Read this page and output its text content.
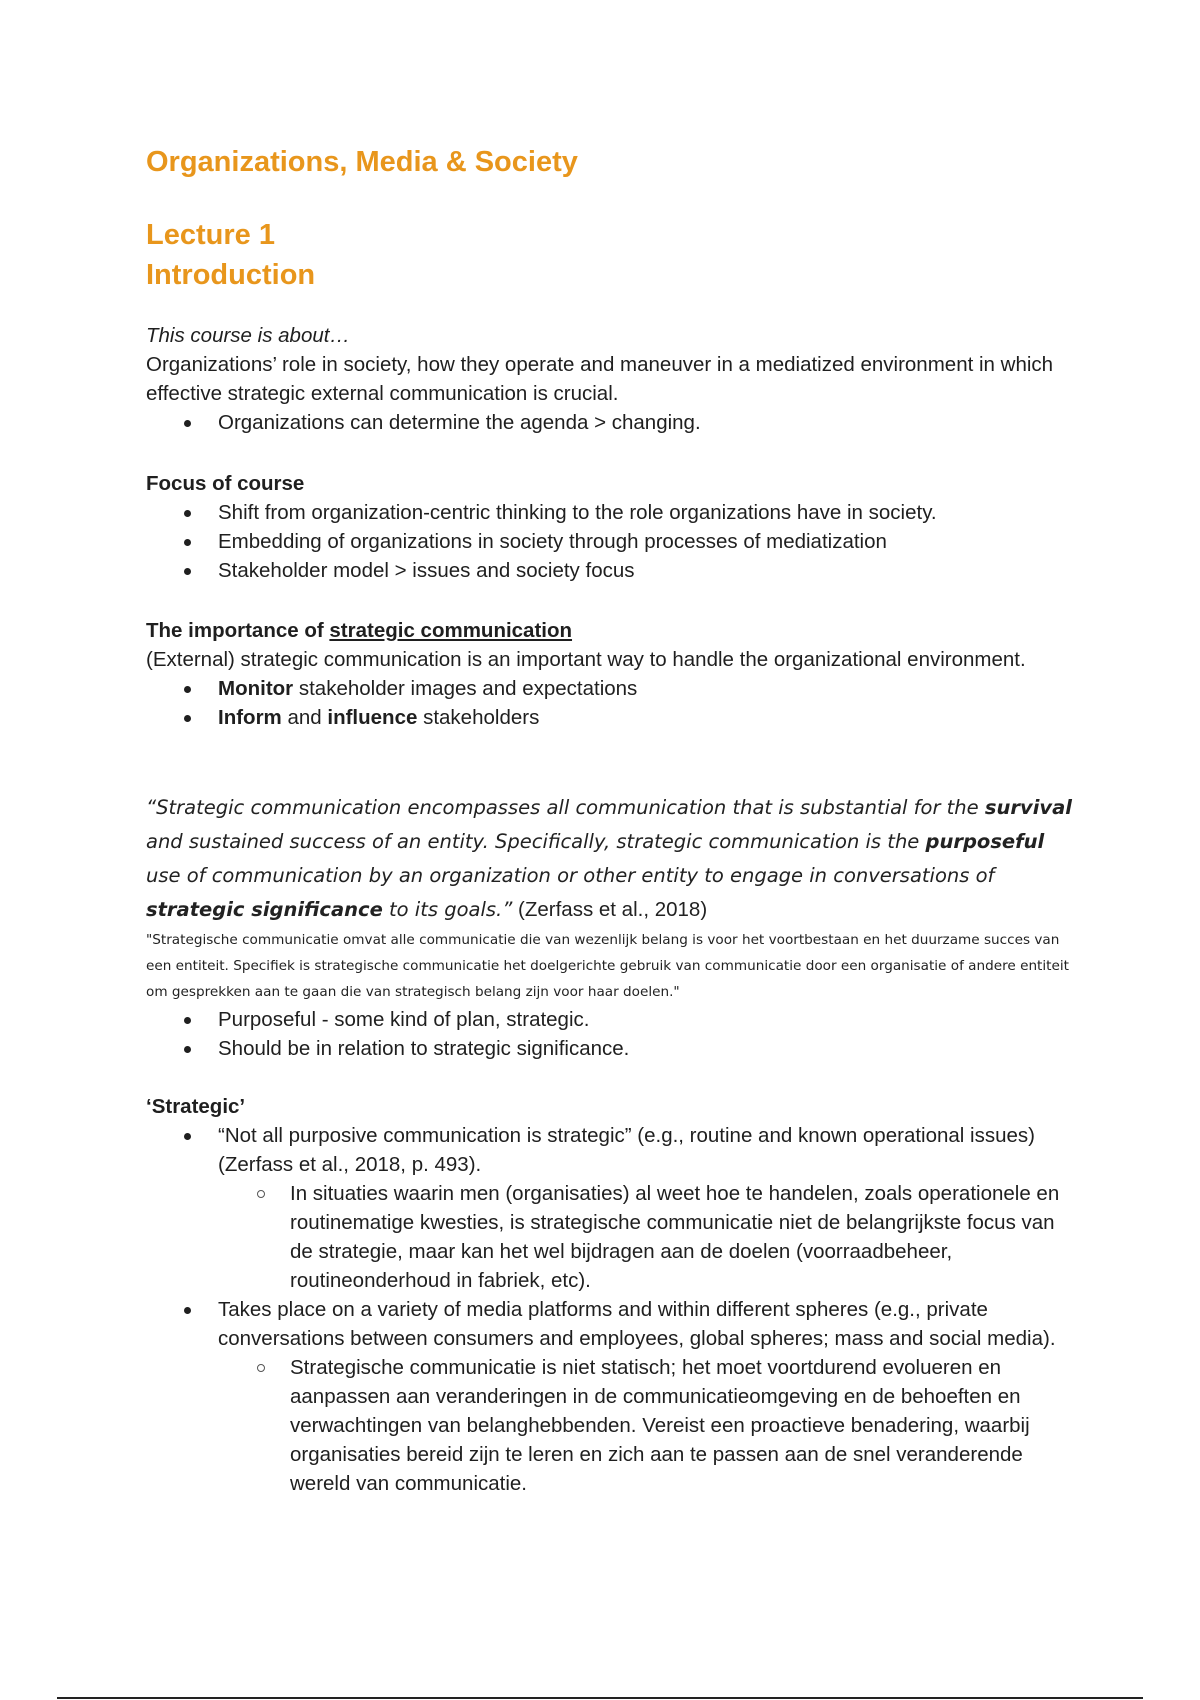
Organizations, Media & Society
Lecture 1
Introduction
This course is about…
Organizations’ role in society, how they operate and maneuver in a mediatized environment in which effective strategic external communication is crucial.
Organizations can determine the agenda > changing.
Focus of course
Shift from organization-centric thinking to the role organizations have in society.
Embedding of organizations in society through processes of mediatization
Stakeholder model > issues and society focus
The importance of strategic communication
(External) strategic communication is an important way to handle the organizational environment.
Monitor stakeholder images and expectations
Inform and influence stakeholders
“Strategic communication encompasses all communication that is substantial for the survival and sustained success of an entity. Specifically, strategic communication is the purposeful use of communication by an organization or other entity to engage in conversations of strategic significance to its goals.” (Zerfass et al., 2018)
"Strategische communicatie omvat alle communicatie die van wezenlijk belang is voor het voortbestaan en het duurzame succes van een entiteit. Specifiek is strategische communicatie het doelgerichte gebruik van communicatie door een organisatie of andere entiteit om gesprekken aan te gaan die van strategisch belang zijn voor haar doelen."
Purposeful - some kind of plan, strategic.
Should be in relation to strategic significance.
‘Strategic’
“Not all purposive communication is strategic” (e.g., routine and known operational issues) (Zerfass et al., 2018, p. 493).
In situaties waarin men (organisaties) al weet hoe te handelen, zoals operationele en routinematige kwesties, is strategische communicatie niet de belangrijkste focus van de strategie, maar kan het wel bijdragen aan de doelen (voorraadbeheer, routineonderhoud in fabriek, etc).
Takes place on a variety of media platforms and within different spheres (e.g., private conversations between consumers and employees, global spheres; mass and social media).
Strategische communicatie is niet statisch; het moet voortdurend evolueren en aanpassen aan veranderingen in de communicatieomgeving en de behoeften en verwachtingen van belanghebbenden. Vereist een proactieve benadering, waarbij organisaties bereid zijn te leren en zich aan te passen aan de snel veranderende wereld van communicatie.
